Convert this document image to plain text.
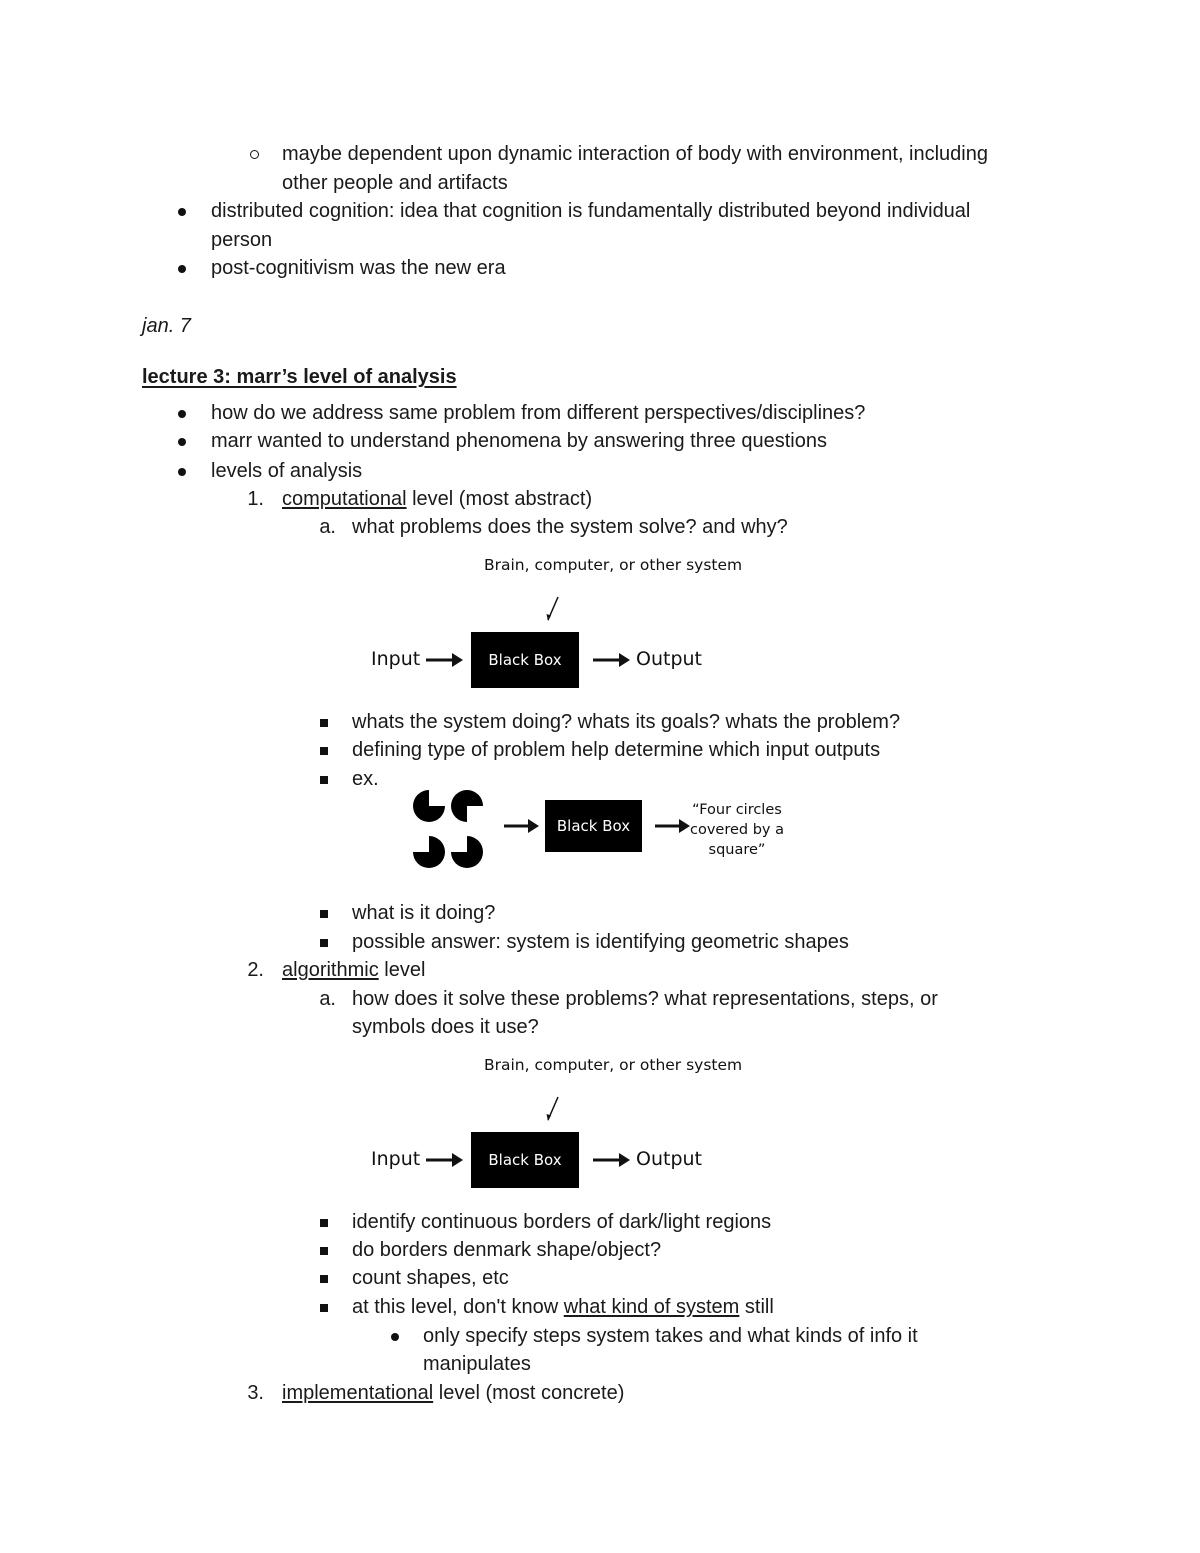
maybe dependent upon dynamic interaction of body with environment, including
other people and artifacts
distributed cognition: idea that cognition is fundamentally distributed beyond individual
person
post-cognitivism was the new era
jan. 7
lecture 3: marr’s level of analysis
how do we address same problem from different perspectives/disciplines?
marr wanted to understand phenomena by answering three questions
levels of analysis
1. computational level (most abstract)
a. what problems does the system solve? and why?
Brain, computer, or other system
Input	Black Box	Output
whats the system doing? whats its goals? whats the problem?
defining type of problem help determine which input outputs
ex.
Black Box
“Four circles
covered by a
square”
what is it doing?
possible answer: system is identifying geometric shapes
2. algorithmic level
a. how does it solve these problems? what representations, steps, or
symbols does it use?
Brain, computer, or other system
Input	Black Box	Output
identify continuous borders of dark/light regions
do borders denmark shape/object?
count shapes, etc
at this level, don't know what kind of system still
only specify steps system takes and what kinds of info it
manipulates
3. implementational level (most concrete)
